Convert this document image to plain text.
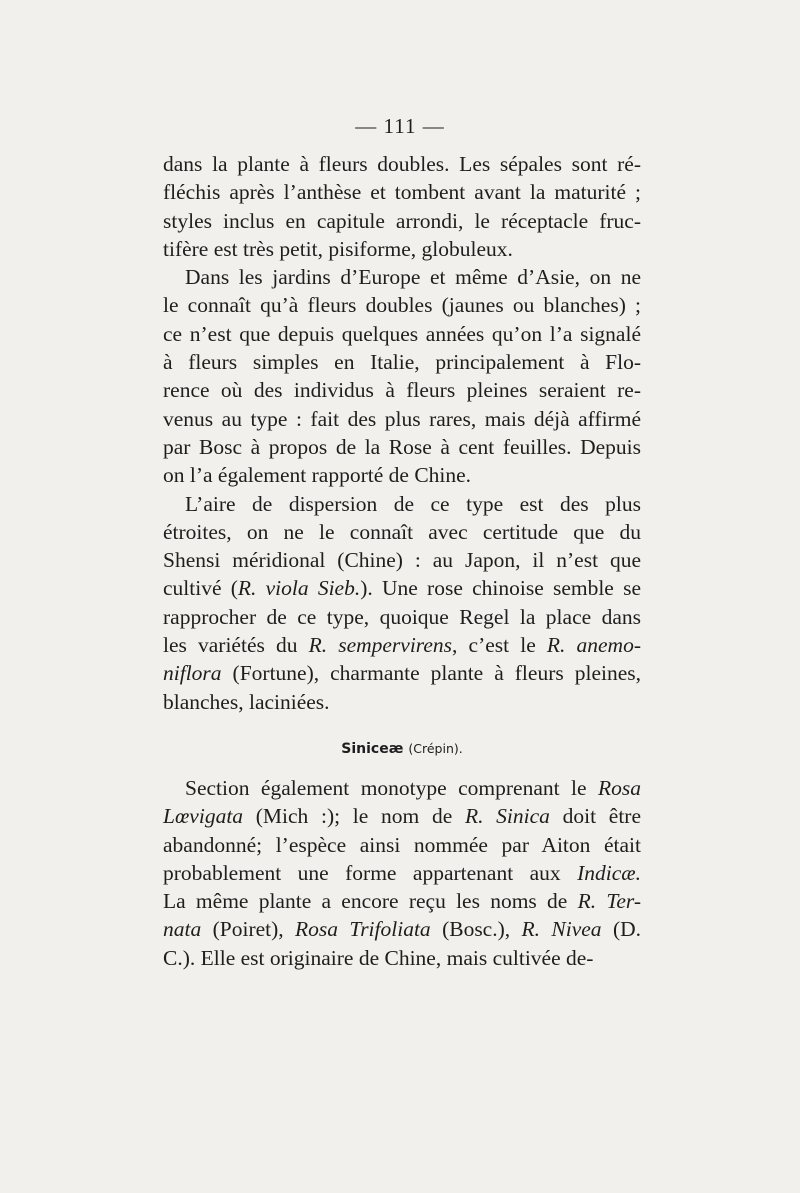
— 111 —

dans la plante à fleurs doubles. Les sépales sont ré-
fléchis après l’anthèse et tombent avant la maturité ;
styles inclus en capitule arrondi, le réceptacle fruc-
tifère est très petit, pisiforme, globuleux.

Dans les jardins d’Europe et même d’Asie, on ne
le connaît qu’à fleurs doubles (jaunes ou blanches) ;
ce n’est que depuis quelques années qu’on l’a signalé
à fleurs simples en Italie, principalement à Flo-
rence où des individus à fleurs pleines seraient re-
venus au type : fait des plus rares, mais déjà affirmé
par Bosc à propos de la Rose à cent feuilles. Depuis
on l’a également rapporté de Chine.

L’aire de dispersion de ce type est des plus
étroites, on ne le connaît avec certitude que du
Shensi méridional (Chine) : au Japon, il n’est que
cultivé (R. viola Sieb.). Une rose chinoise semble se
rapprocher de ce type, quoique Regel la place dans
les variétés du R. sempervirens, c’est le R. anemo-
niflora (Fortune), charmante plante à fleurs pleines,
blanches, laciniées.

Siniceæ (Crépin).

Section également monotype comprenant le Rosa
Lœvigata (Mich :); le nom de R. Sinica doit être
abandonné; l’espèce ainsi nommée par Aiton était
probablement une forme appartenant aux Indicæ.
La même plante a encore reçu les noms de R. Ter-
nata (Poiret), Rosa Trifoliata (Bosc.), R. Nivea (D.
C.). Elle est originaire de Chine, mais cultivée de-
